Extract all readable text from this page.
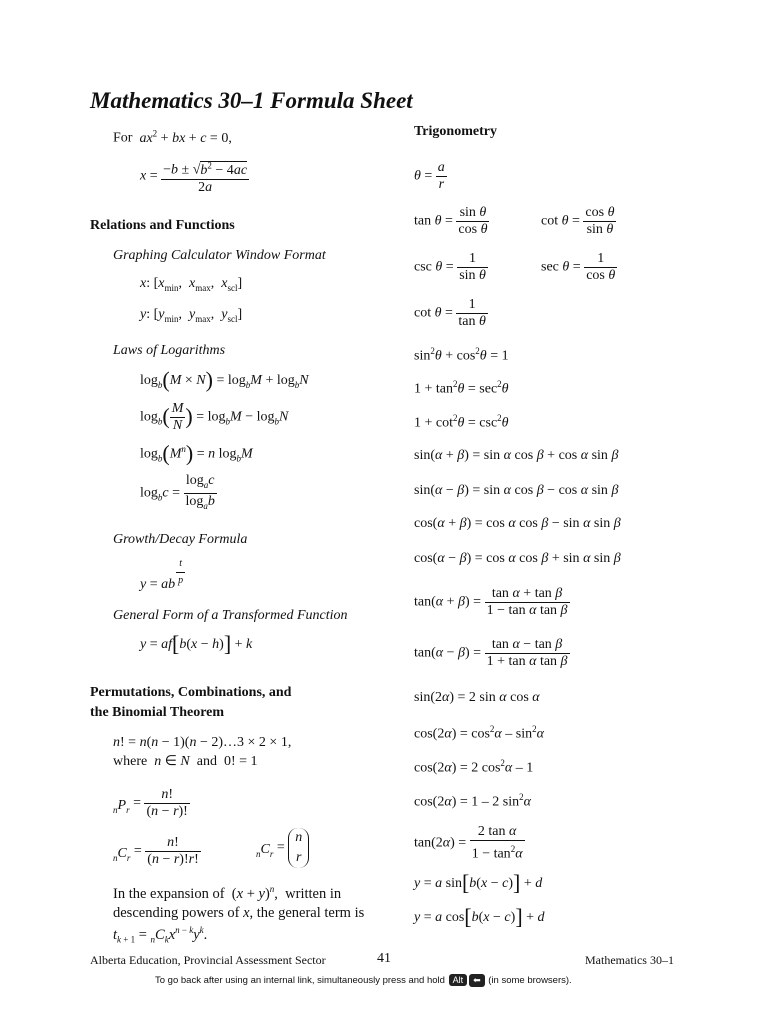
Mathematics 30–1 Formula Sheet
For $ax^2$ + bx + c = 0,
$x = \frac{-b \pm √b^2 - 4ac}{2a}$
Relations and Functions
Graphing Calculator Window Format
x: [$x_{min}$,  $x_{max}$,  $x_{scl}$]
y: [$y_{min}$,  $y_{max}$,  $y_{scl}$]
Laws of Logarithms
$\log_b(M \times N) = \log_bM + \log_bN$
$\log_b( \frac{M}{N}$ ) = $\log_bM - \log_bN$
$\log_b(M^n) = n$ $\log_bM$
$\log_bc = \frac{\log_ac}{\log_ab}$
Growth/Decay Formula
y = ab $\frac{t}{p}$
General Form of a Transformed Function
y = af[b(x − h)] + k
Permutations, Combinations, and
the Binomial Theorem
n! = n(n − 1)(n − 2)…3 × 2 × 1,
where  n ∈ N  and  0! = 1
$_nP_r = \frac{n!}{(n - r)!}$
$_nC_r = \frac{n!}{(n - r)!r!}$	$_nC_r = n$
r
In the expansion of  $(x + y)^n$,  written in
descending powers of x, the general term is
$t_{k + 1} = _nC_kx^{n - k}y^k$.
Trigonometry
$\theta = \frac{a}{r}$
$\tan \theta = \frac{\text{sin θ}}{\text{cos θ}}$	$\cot \theta = \frac{\text{cos θ}}{\text{sin θ}}$
$\csc \theta = \frac{1}{\text{sin θ}}$	$\sec \theta = \frac{1}{\text{cos θ}}$
$\cot \theta = \frac{1}{\text{tan θ}}$
$\sin^2\theta + \cos^2\theta = 1$
$1 + \tan^2\theta = \sec^2\theta$
$1 + \cot^2\theta = \csc^2\theta$
sin(α + β) = sin α cos β + cos α sin β
sin(α − β) = sin α cos β − cos α sin β
cos(α + β) = cos α cos β − sin α sin β
cos(α − β) = cos α cos β + sin α sin β
$\tan(\alpha + \beta) = \frac{\text{tan α + tan β}}{\text{1 − tan α tan β}}$
$\tan(\alpha - \beta) = \frac{\text{tan α − tan β}}{\text{1 + tan α tan β}}$
sin(2α) = 2 sin α cos α
$\cos(2\alpha) = \cos^2\alpha - \sin^2\alpha$
cos(2α) = 2 $\cos^2\alpha - 1$
cos(2α) = 1 – 2 $\sin^2\alpha$
$\tan(2\alpha) = \frac{\text{2 tan α}}{1 - \tan^2\alpha}$
y = a sin[b(x − c)] + d
y = a cos[b(x − c)] + d
Alberta Education, Provincial Assessment Sector	41	Mathematics 30–1
To go back after using an internal link, simultaneously press and hold Alt ⬅ (in some browsers).
